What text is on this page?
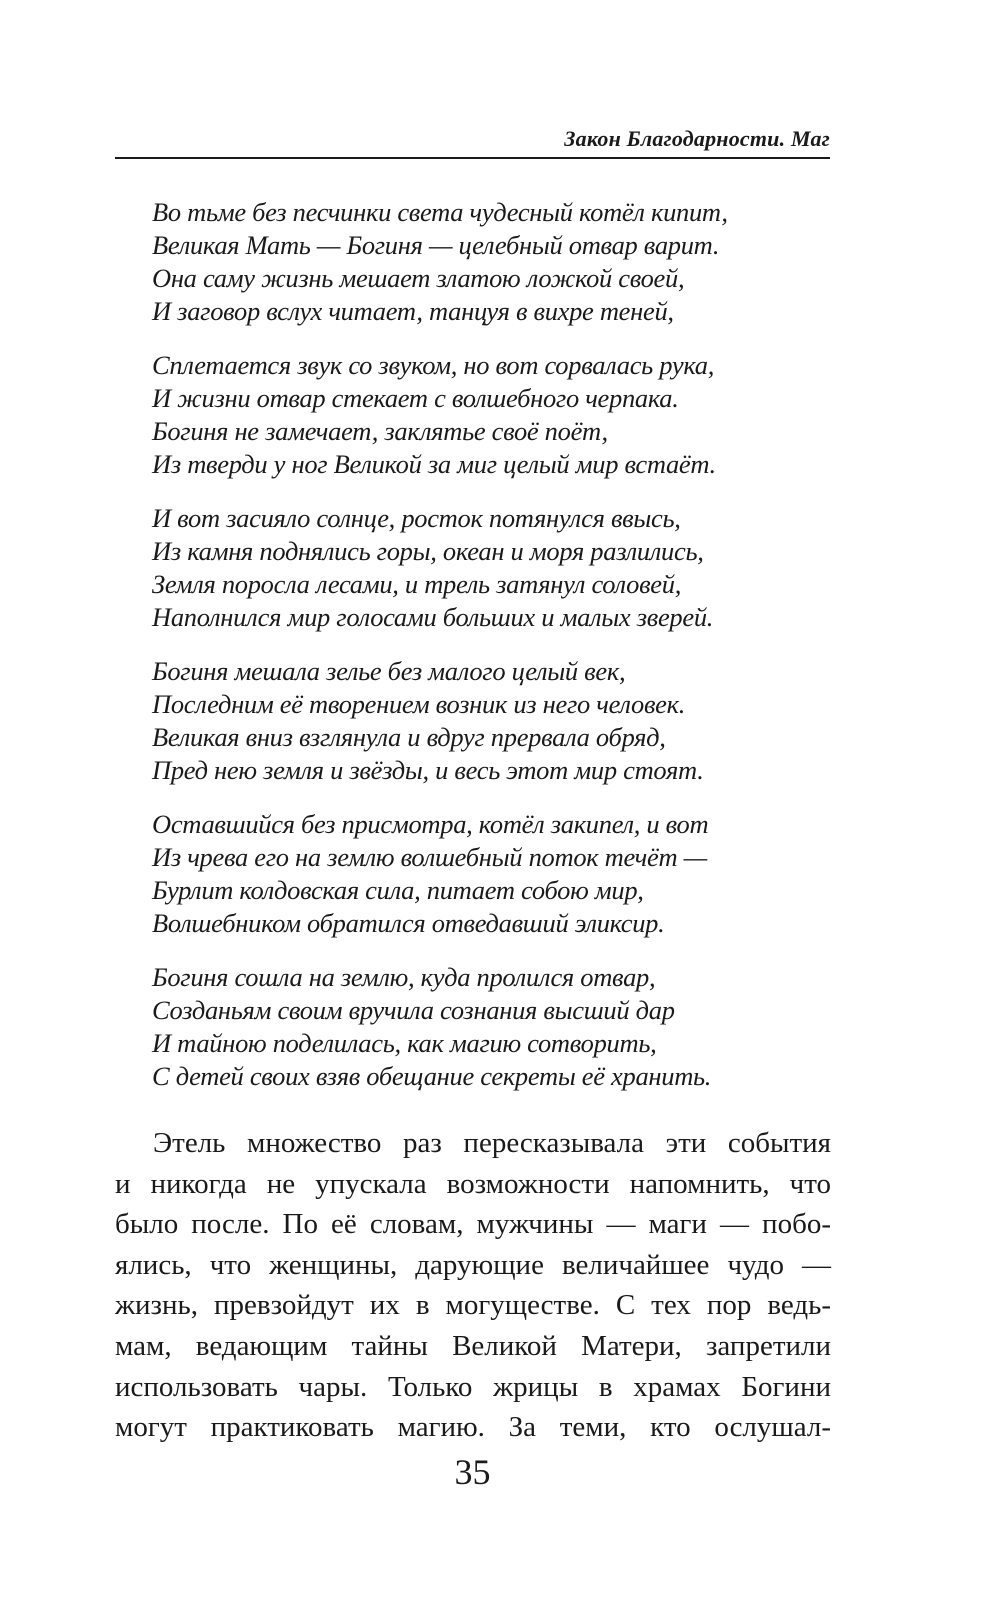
Закон Благодарности. Маг
Во тьме без песчинки света чудесный котёл кипит,
Великая Мать — Богиня — целебный отвар варит.
Она саму жизнь мешает златою ложкой своей,
И заговор вслух читает, танцуя в вихре теней,
Сплетается звук со звуком, но вот сорвалась рука,
И жизни отвар стекает с волшебного черпака.
Богиня не замечает, заклятье своё поёт,
Из тверди у ног Великой за миг целый мир встаёт.
И вот засияло солнце, росток потянулся ввысь,
Из камня поднялись горы, океан и моря разлились,
Земля поросла лесами, и трель затянул соловей,
Наполнился мир голосами больших и малых зверей.
Богиня мешала зелье без малого целый век,
Последним её творением возник из него человек.
Великая вниз взглянула и вдруг прервала обряд,
Пред нею земля и звёзды, и весь этот мир стоят.
Оставшийся без присмотра, котёл закипел, и вот
Из чрева его на землю волшебный поток течёт —
Бурлит колдовская сила, питает собою мир,
Волшебником обратился отведавший эликсир.
Богиня сошла на землю, куда пролился отвар,
Созданьям своим вручила сознания высший дар
И тайною поделилась, как магию сотворить,
С детей своих взяв обещание секреты её хранить.
Этель множество раз пересказывала эти события
и никогда не упускала возможности напомнить, что
было после. По её словам, мужчины — маги — побо-
ялись, что женщины, дарующие величайшее чудо —
жизнь, превзойдут их в могуществе. С тех пор ведь-
мам, ведающим тайны Великой Матери, запретили
использовать чары. Только жрицы в храмах Богини
могут практиковать магию. За теми, кто ослушал-
35
